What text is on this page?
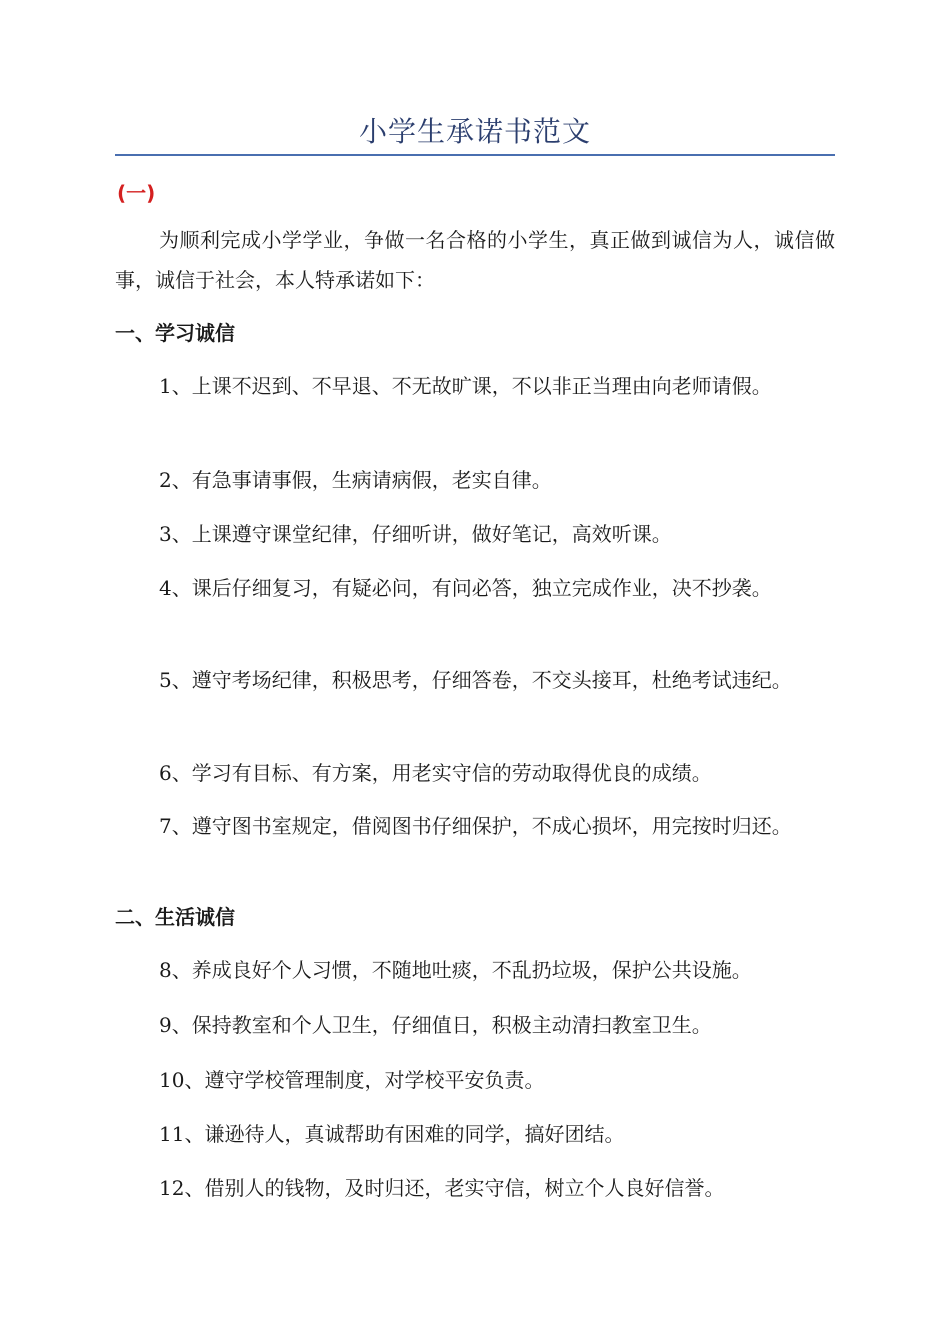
小学生承诺书范文
(一)
为顺利完成小学学业，争做一名合格的小学生，真正做到诚信为人，诚信做事，诚信于社会，本人特承诺如下：
一、学习诚信
1、上课不迟到、不早退、不无故旷课，不以非正当理由向老师请假。
2、有急事请事假，生病请病假，老实自律。
3、上课遵守课堂纪律，仔细听讲，做好笔记，高效听课。
4、课后仔细复习，有疑必问，有问必答，独立完成作业，决不抄袭。
5、遵守考场纪律，积极思考，仔细答卷，不交头接耳，杜绝考试违纪。
6、学习有目标、有方案，用老实守信的劳动取得优良的成绩。
7、遵守图书室规定，借阅图书仔细保护，不成心损坏，用完按时归还。
二、生活诚信
8、养成良好个人习惯，不随地吐痰，不乱扔垃圾，保护公共设施。
9、保持教室和个人卫生，仔细值日，积极主动清扫教室卫生。
10、遵守学校管理制度，对学校平安负责。
11、谦逊待人，真诚帮助有困难的同学，搞好团结。
12、借别人的钱物，及时归还，老实守信，树立个人良好信誉。
